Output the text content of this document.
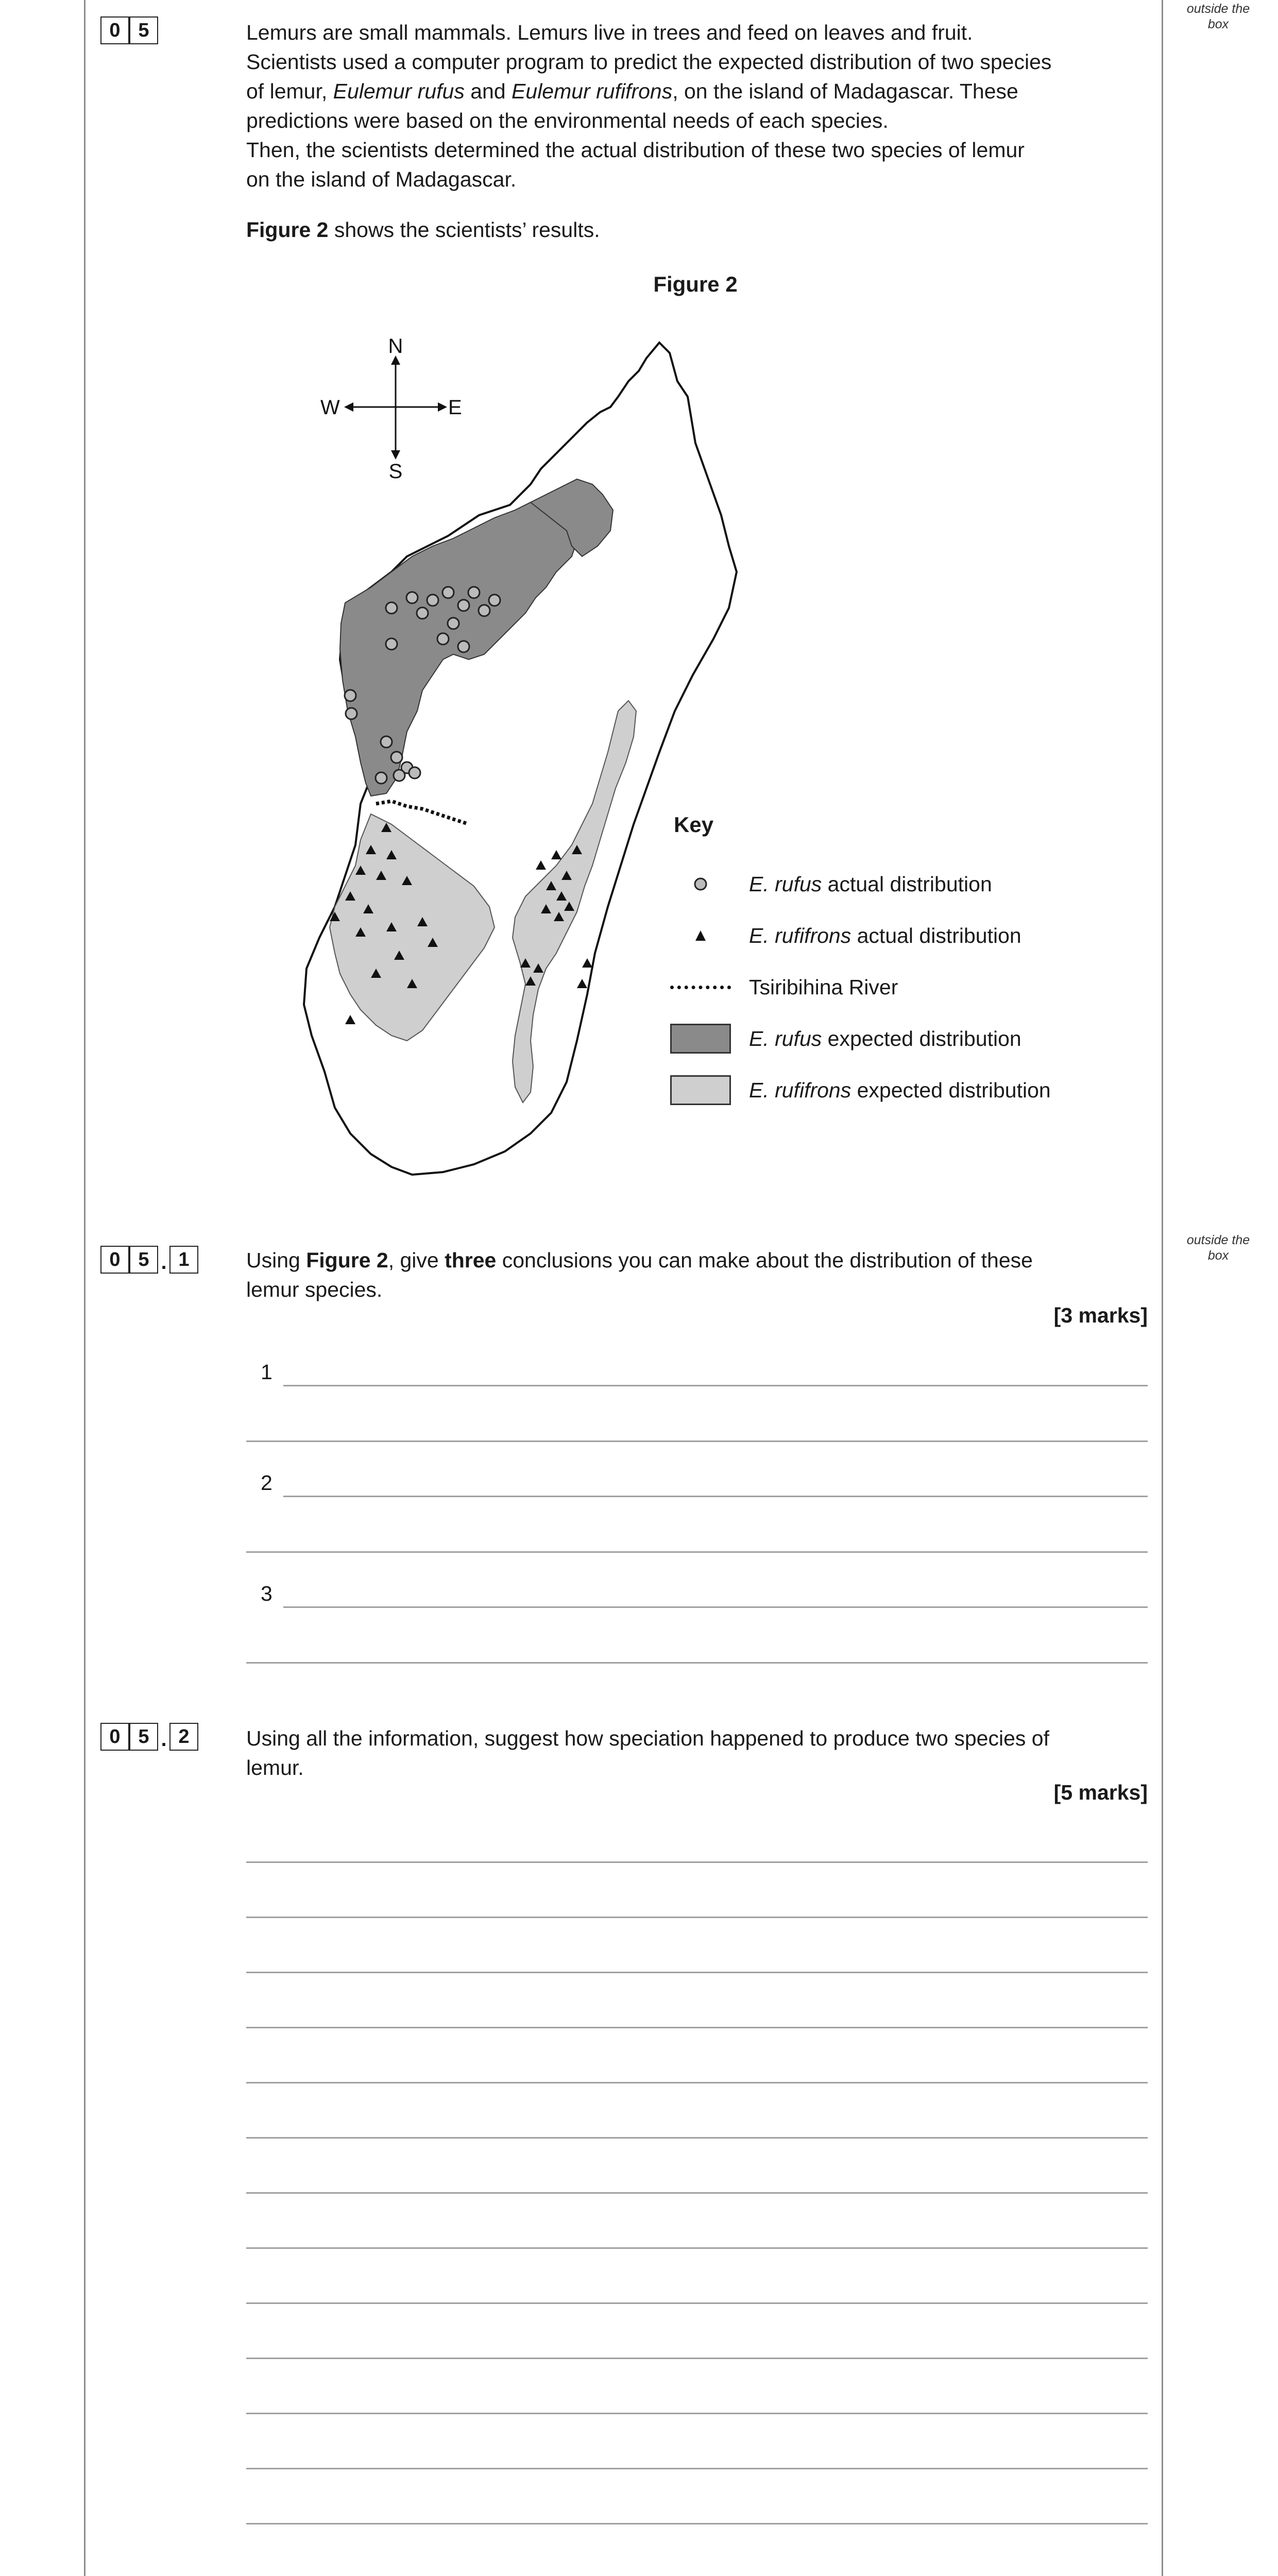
outside the box
outside the box
0 5	Lemurs are small mammals. Lemurs live in trees and feed on leaves and fruit.
Scientists used a computer program to predict the expected distribution of two species
of lemur, Eulemur rufus and Eulemur rufifrons, on the island of Madagascar. These
predictions were based on the environmental needs of each species.
Then, the scientists determined the actual distribution of these two species of lemur
on the island of Madagascar.
Figure 2 shows the scientists’ results.
Figure 2
N
S
E
W
Key
E. rufus actual distribution
E. rufifrons actual distribution
Tsiribihina River
E. rufus expected distribution
E. rufifrons expected distribution
0 5 . 1	Using Figure 2, give three conclusions you can make about the distribution of these
lemur species.
[3 marks]
1
2
3
0 5 . 2	Using all the information, suggest how speciation happened to produce two species of
lemur.
[5 marks]
